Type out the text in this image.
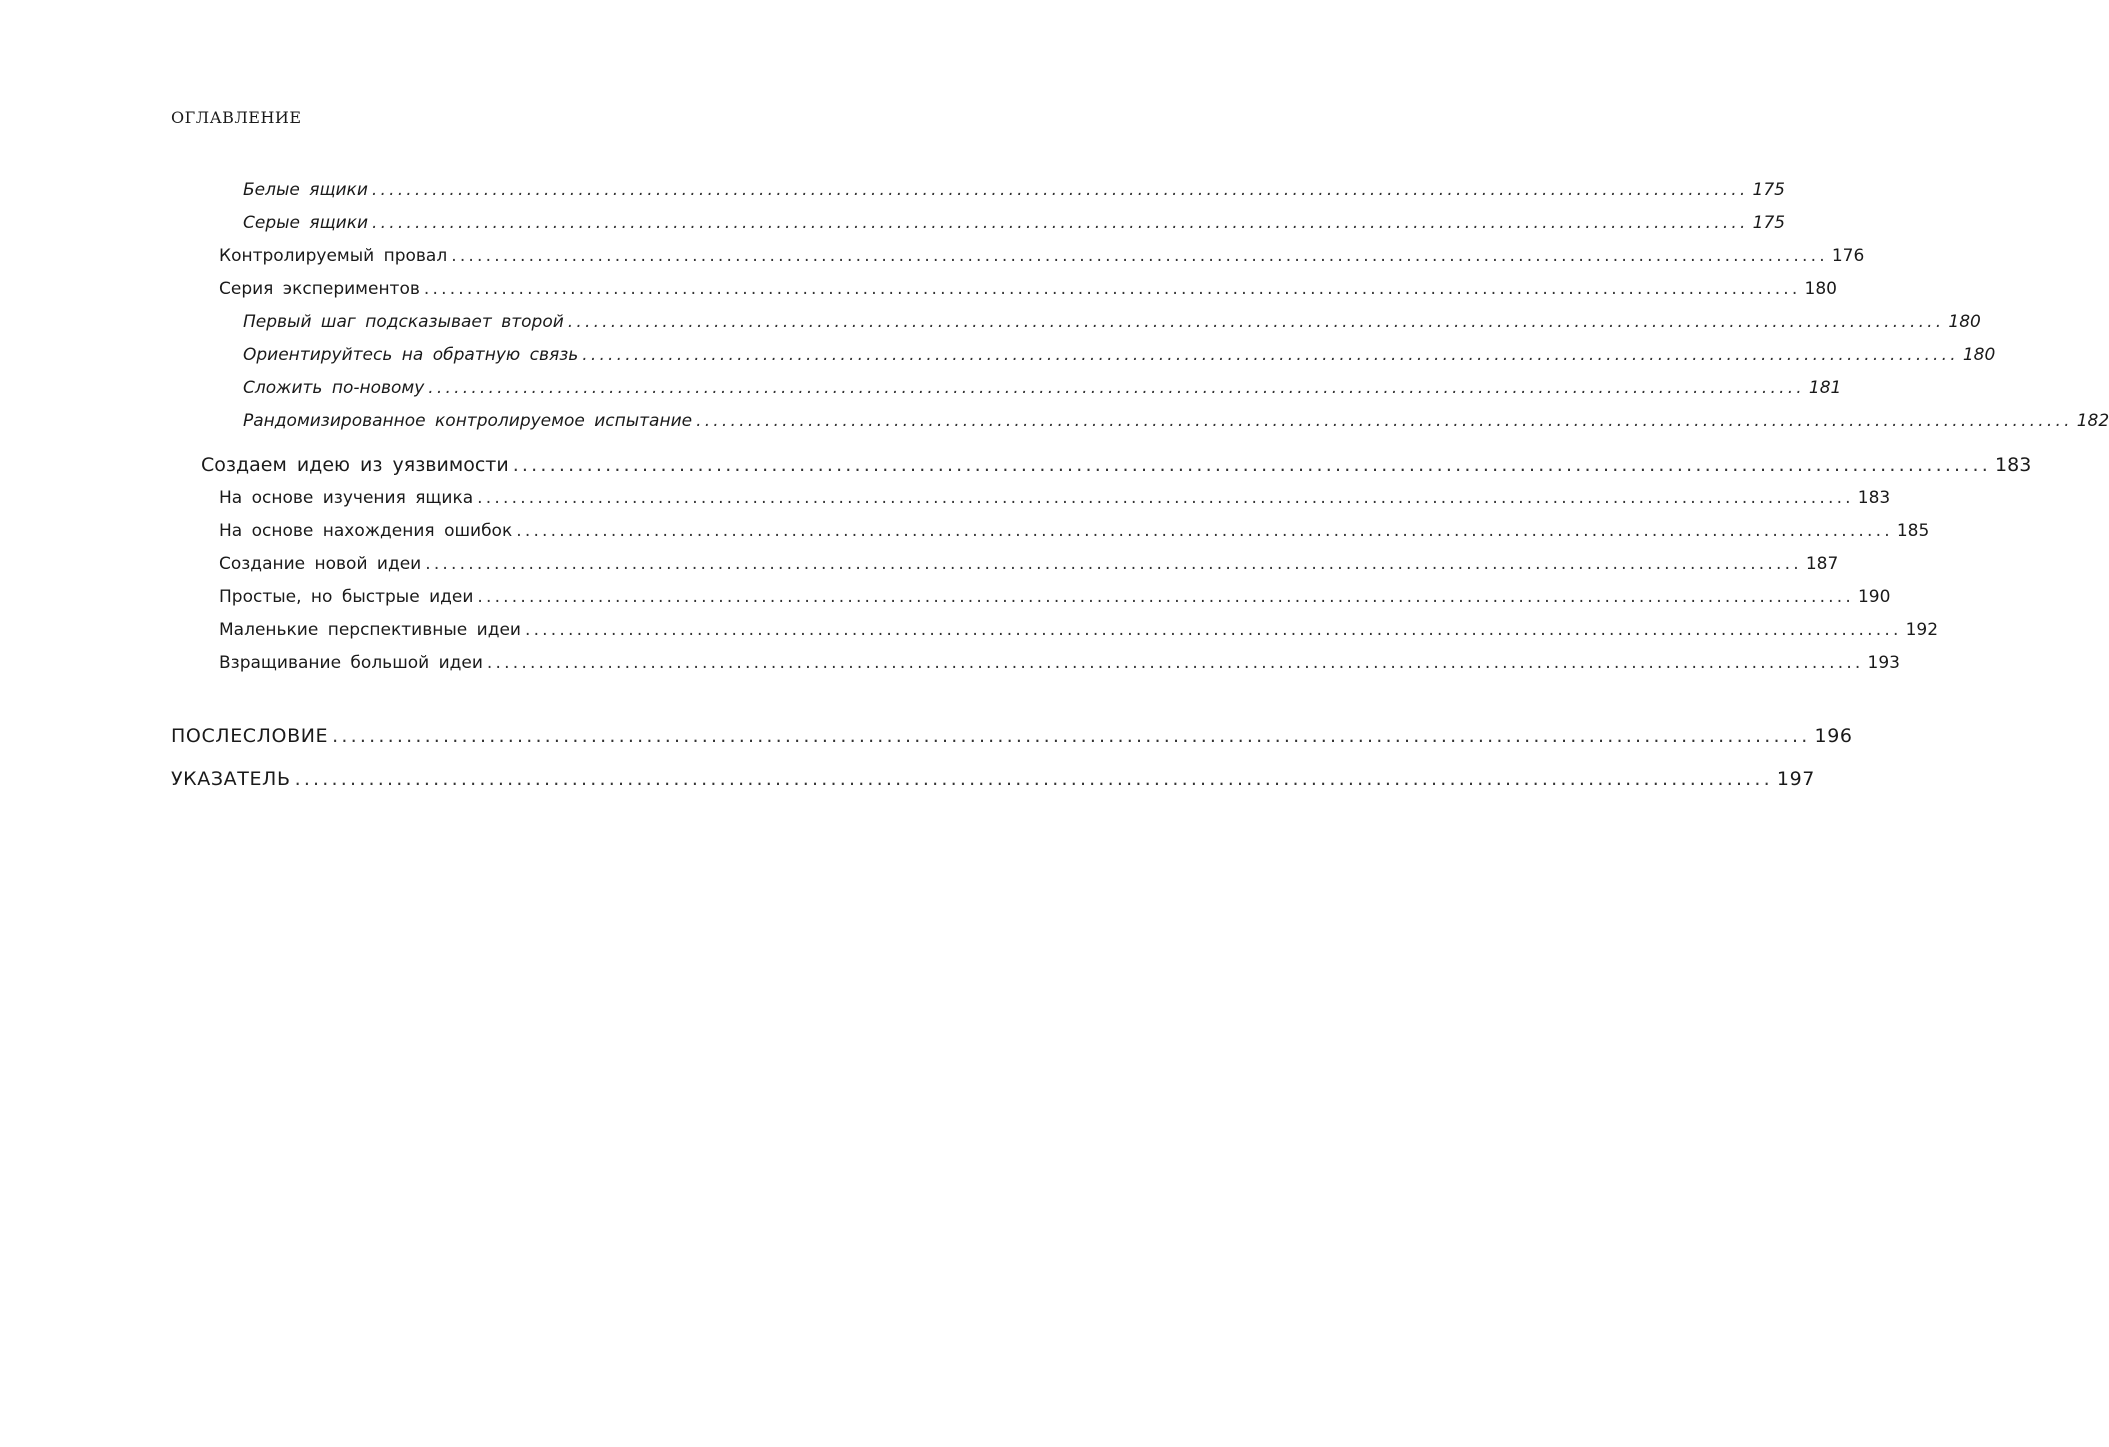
ОГЛАВЛЕНИЕ
Белые ящики ................................................................................................................................................................ 175
Серые ящики ................................................................................................................................................................ 175
Контролируемый провал ................................................................................................................................................................ 176
Серия экспериментов ................................................................................................................................................................ 180
Первый шаг подсказывает второй ................................................................................................................................................................ 180
Ориентируйтесь на обратную связь ................................................................................................................................................................ 180
Сложить по-новому ................................................................................................................................................................ 181
Рандомизированное контролируемое испытание ................................................................................................................................................................ 182
Создаем идею из уязвимости ................................................................................................................................................................ 183
На основе изучения ящика ................................................................................................................................................................ 183
На основе нахождения ошибок ................................................................................................................................................................ 185
Создание новой идеи ................................................................................................................................................................ 187
Простые, но быстрые идеи ................................................................................................................................................................ 190
Маленькие перспективные идеи ................................................................................................................................................................ 192
Взращивание большой идеи ................................................................................................................................................................ 193
ПОСЛЕСЛОВИЕ ................................................................................................................................................................ 196
УКАЗАТЕЛЬ ................................................................................................................................................................ 197
